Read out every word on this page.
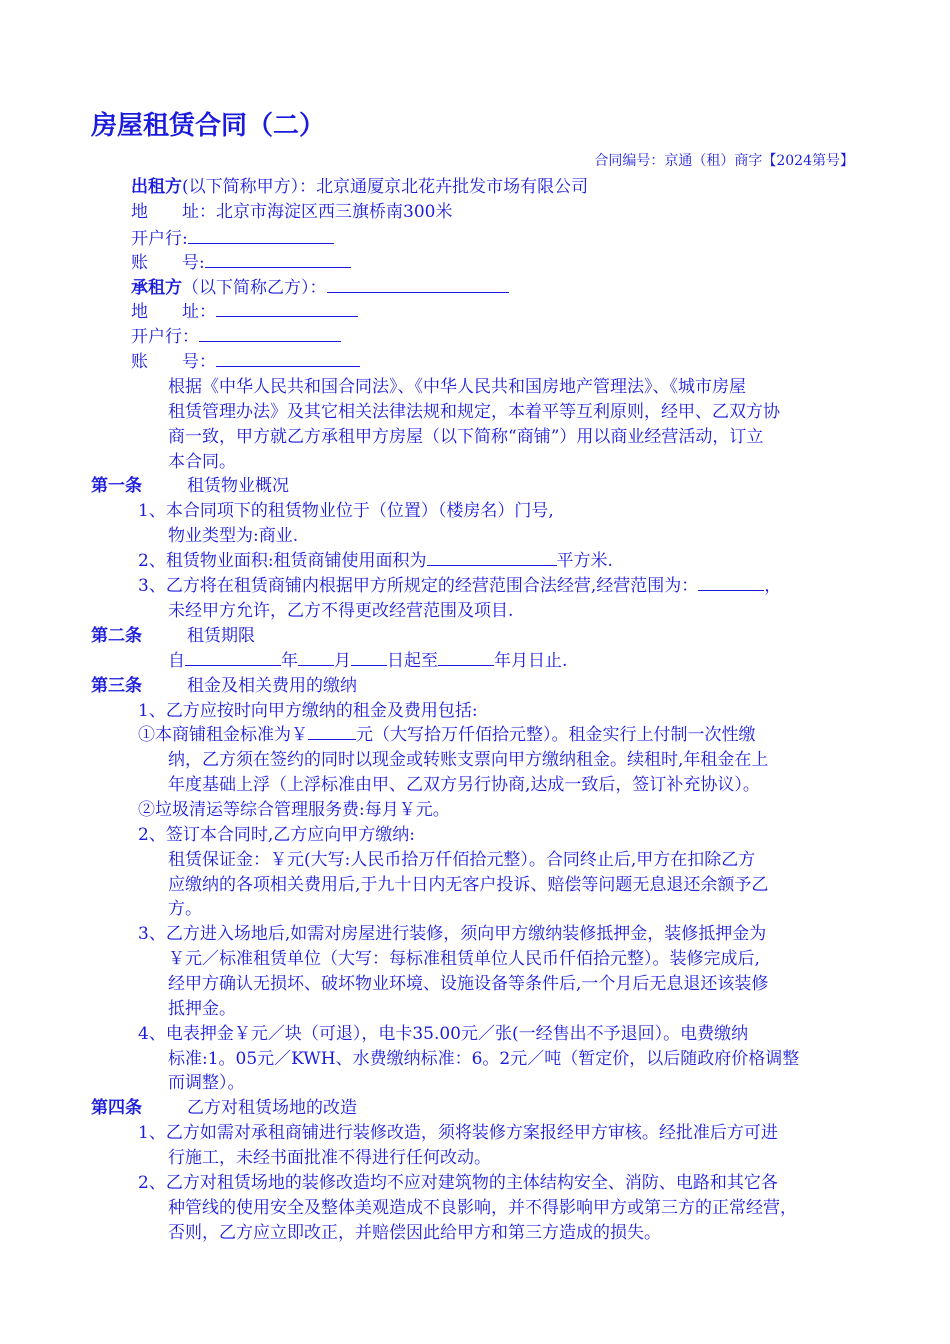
房屋租赁合同（二）
合同编号：京通（租）商字【2024第号】
出租方(以下简称甲方）：北京通厦京北花卉批发市场有限公司
地　　址：北京市海淀区西三旗桥南300米
开户行:
账　　号:
承租方（以下简称乙方）：
地　　址：
开户行：
账　　号：
根据《中华人民共和国合同法》、《中华人民共和国房地产管理法》、《城市房屋
租赁管理办法》及其它相关法律法规和规定，本着平等互利原则，经甲、乙双方协
商一致，甲方就乙方承租甲方房屋（以下简称“商铺”）用以商业经营活动，订立
本合同。
第一条	租赁物业概况
1、本合同项下的租赁物业位于（位置）（楼房名）门号,
物业类型为:商业.
2、租赁物业面积:租赁商铺使用面积为	平方米.
3、乙方将在租赁商铺内根据甲方所规定的经营范围合法经营,经营范围为：	，
未经甲方允许，乙方不得更改经营范围及项目.
第二条	租赁期限
自	年 月 日起至	年月日止.
第三条	租金及相关费用的缴纳
1、乙方应按时向甲方缴纳的租金及费用包括:
①本商铺租金标准为￥	元（大写拾万仟佰拾元整）。租金实行上付制一次性缴
纳，乙方须在签约的同时以现金或转账支票向甲方缴纳租金。续租时,年租金在上
年度基础上浮（上浮标准由甲、乙双方另行协商,达成一致后，签订补充协议）。
②垃圾清运等综合管理服务费:每月￥元。
2、签订本合同时,乙方应向甲方缴纳:
租赁保证金：￥元(大写:人民币拾万仟佰拾元整）。合同终止后,甲方在扣除乙方
应缴纳的各项相关费用后,于九十日内无客户投诉、赔偿等问题无息退还余额予乙
方。
3、乙方进入场地后,如需对房屋进行装修，须向甲方缴纳装修抵押金，装修抵押金为
￥元／标准租赁单位（大写：每标准租赁单位人民币仟佰拾元整）。装修完成后,
经甲方确认无损坏、破坏物业环境、设施设备等条件后,一个月后无息退还该装修
抵押金。
4、电表押金￥元／块（可退），电卡35.00元／张(一经售出不予退回）。电费缴纳
标准:1。05元／KWH、水费缴纳标准：6。2元／吨（暂定价，以后随政府价格调整
而调整）。
第四条	乙方对租赁场地的改造
1、乙方如需对承租商铺进行装修改造，须将装修方案报经甲方审核。经批准后方可进
行施工，未经书面批准不得进行任何改动。
2、乙方对租赁场地的装修改造均不应对建筑物的主体结构安全、消防、电路和其它各
种管线的使用安全及整体美观造成不良影响，并不得影响甲方或第三方的正常经营，
否则，乙方应立即改正，并赔偿因此给甲方和第三方造成的损失。
